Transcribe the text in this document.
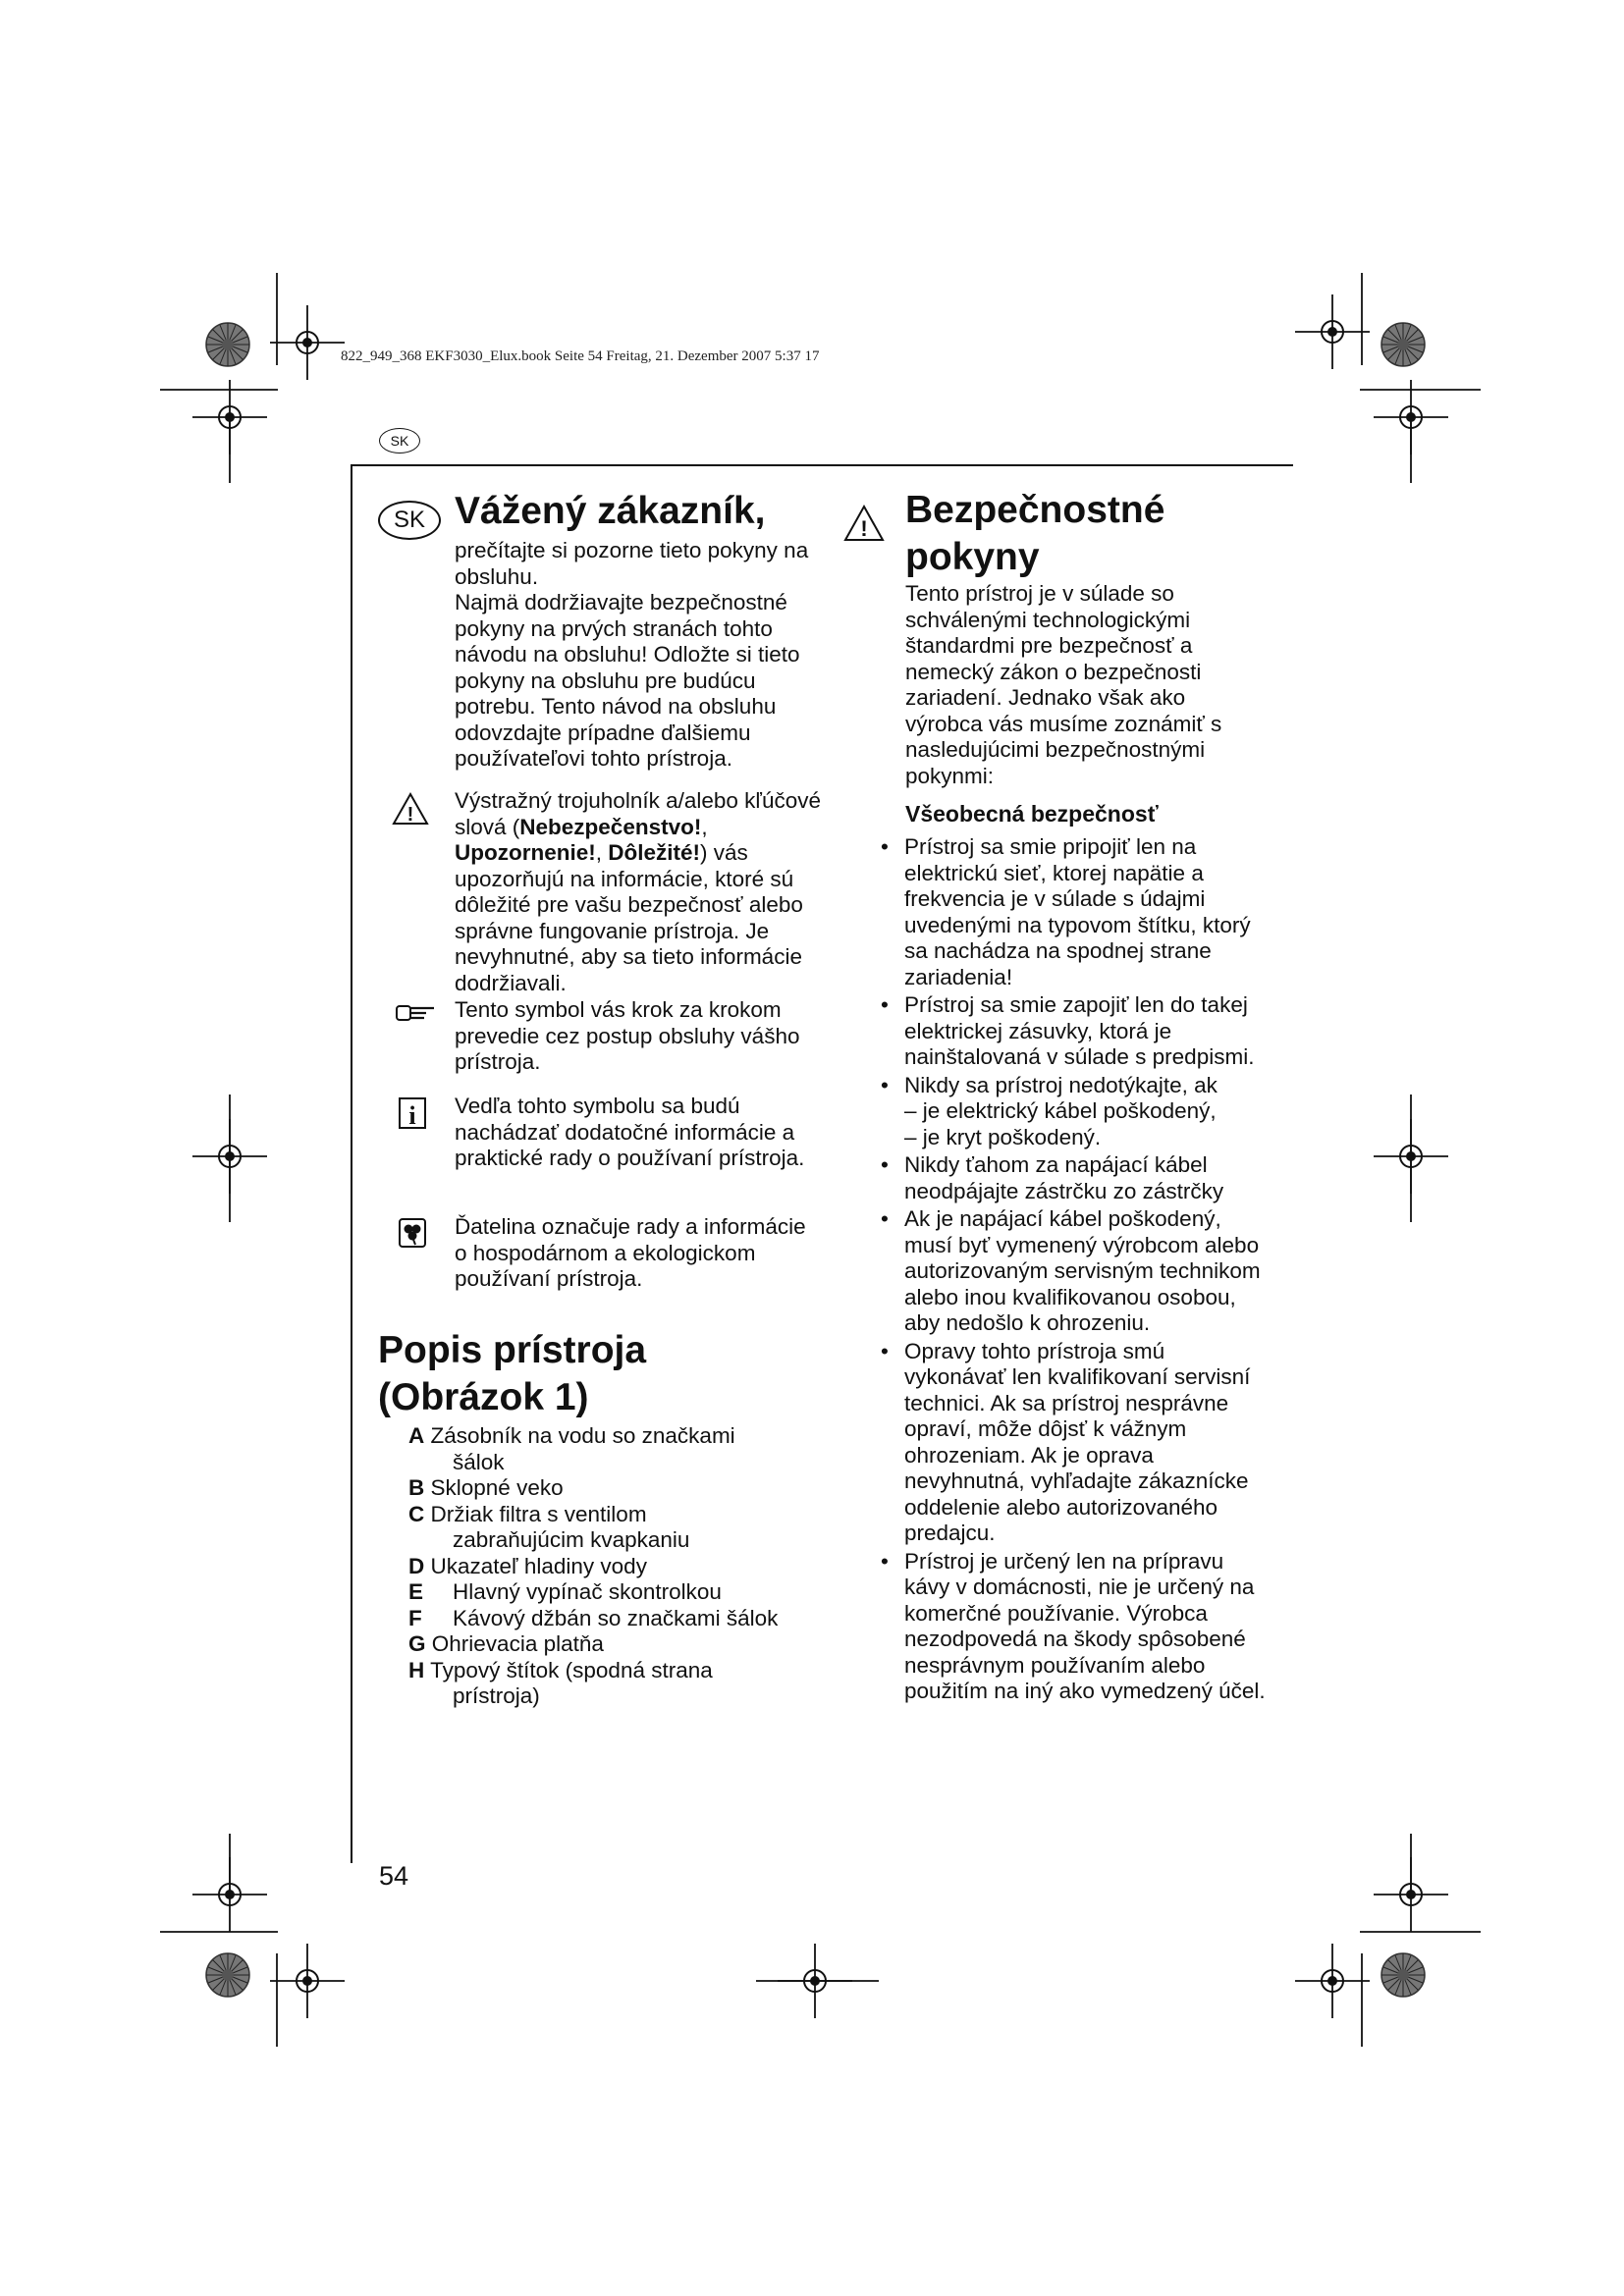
822_949_368 EKF3030_Elux.book Seite 54 Freitag, 21. Dezember 2007 5:37 17
SK
SK Vážený zákazník,

prečítajte si pozorne tieto pokyny na obsluhu.

Najmä dodržiavajte bezpečnostné pokyny na prvých stranách tohto návodu na obsluhu! Odložte si tieto pokyny na obsluhu pre budúcu potrebu. Tento návod na obsluhu odovzdajte prípadne ďalšiemu používateľovi tohto prístroja.

!
Výstražný trojuholník a/alebo kľúčové slová (Nebezpečenstvo!, Upozornenie!, Dôležité!) vás upozorňujú na informácie, ktoré sú dôležité pre vašu bezpečnosť alebo správne fungovanie prístroja. Je nevyhnutné, aby sa tieto informácie dodržiavali.
Tento symbol vás krok za krokom prevedie cez postup obsluhy vášho prístroja.
i Vedľa tohto symbolu sa budú nachádzať dodatočné informácie a praktické rady o používaní prístroja.
Ďatelina označuje rady a informácie o hospodárnom a ekologickom používaní prístroja.
Popis prístroja
(Obrázok 1)
A Zásobník na vodu so značkami
šálok
B Sklopné veko
C Držiak filtra s ventilom
zabraňujúcim kvapkaniu
D Ukazateľ hladiny vody
E Hlavný vypínač skontrolkou
F Kávový džbán so značkami šálok
G Ohrievacia platňa
H Typový štítok (spodná strana
prístroja)
! Bezpečnostné
pokyny
Tento prístroj je v súlade so schválenými technologickými štandardmi pre bezpečnosť a nemecký zákon o bezpečnosti zariadení. Jednako však ako výrobca vás musíme zoznámiť s nasledujúcimi bezpečnostnými pokynmi:
Všeobecná bezpečnosť
• Prístroj sa smie pripojiť len na elektrickú sieť, ktorej napätie a frekvencia je v súlade s údajmi uvedenými na typovom štítku, ktorý sa nachádza na spodnej strane zariadenia!
• Prístroj sa smie zapojiť len do takej elektrickej zásuvky, ktorá je nainštalovaná v súlade s predpismi.
• Nikdy sa prístroj nedotýkajte, ak
– je elektrický kábel poškodený,
– je kryt poškodený.
• Nikdy ťahom za napájací kábel neodpájajte zástrčku zo zástrčky
• Ak je napájací kábel poškodený, musí byť vymenený výrobcom alebo autorizovaným servisným technikom alebo inou kvalifikovanou osobou, aby nedošlo k ohrozeniu.
• Opravy tohto prístroja smú vykonávať len kvalifikovaní servisní technici. Ak sa prístroj nesprávne opraví, môže dôjsť k vážnym ohrozeniam. Ak je oprava nevyhnutná, vyhľadajte zákaznícke oddelenie alebo autorizovaného predajcu.
• Prístroj je určený len na prípravu kávy v domácnosti, nie je určený na komerčné používanie. Výrobca nezodpovedá na škody spôsobené nesprávnym používaním alebo použitím na iný ako vymedzený účel.
54
